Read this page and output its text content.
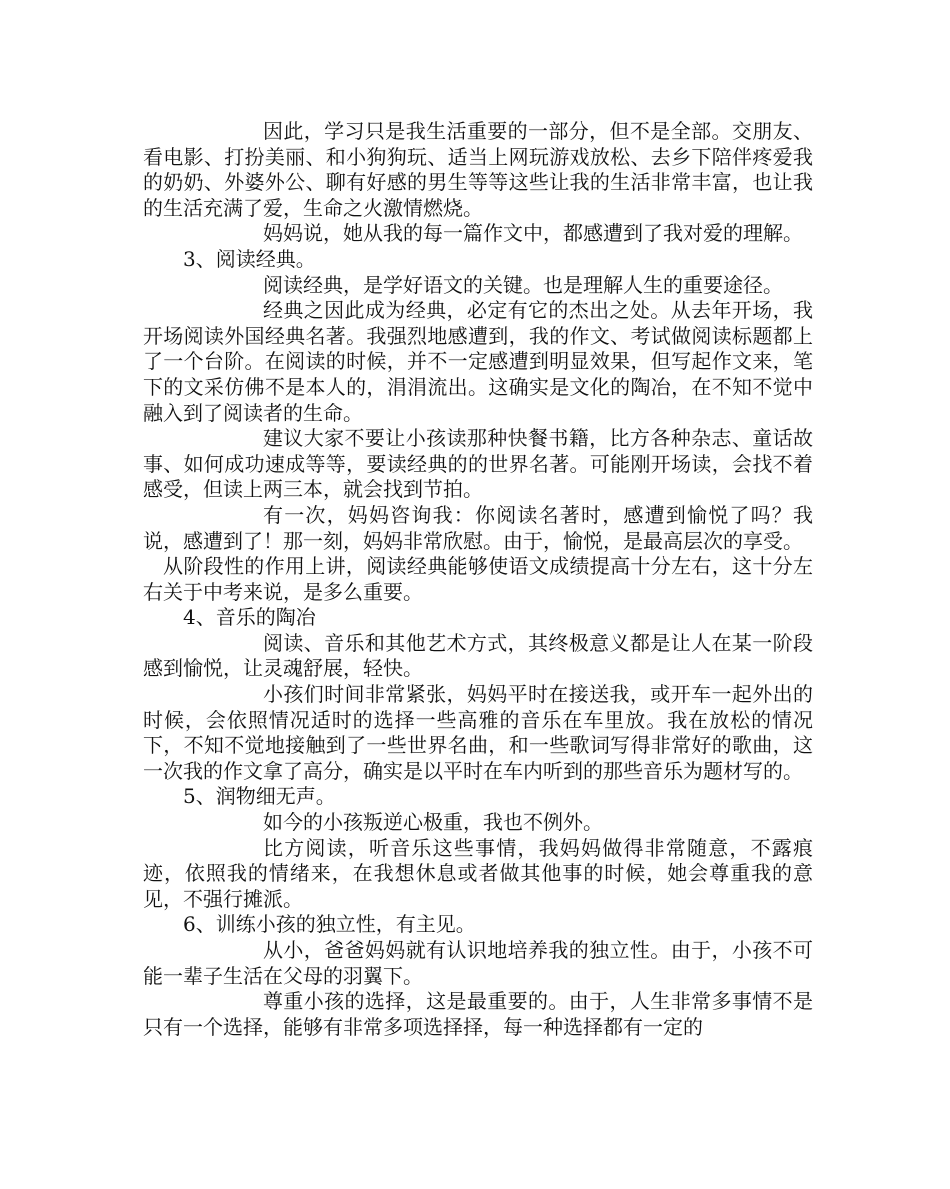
因此，学习只是我生活重要的一部分，但不是全部。交朋友、看电影、打扮美丽、和小狗狗玩、适当上网玩游戏放松、去乡下陪伴疼爱我的奶奶、外婆外公、聊有好感的男生等等这些让我的生活非常丰富，也让我的生活充满了爱，生命之火激情燃烧。

妈妈说，她从我的每一篇作文中，都感遭到了我对爱的理解。

3、阅读经典。

阅读经典，是学好语文的关键。也是理解人生的重要途径。

经典之因此成为经典，必定有它的杰出之处。从去年开场，我开场阅读外国经典名著。我强烈地感遭到，我的作文、考试做阅读标题都上了一个台阶。在阅读的时候，并不一定感遭到明显效果，但写起作文来，笔下的文采仿佛不是本人的，涓涓流出。这确实是文化的陶冶，在不知不觉中融入到了阅读者的生命。

建议大家不要让小孩读那种快餐书籍，比方各种杂志、童话故事、如何成功速成等等，要读经典的的世界名著。可能刚开场读，会找不着感受，但读上两三本，就会找到节拍。

有一次，妈妈咨询我：你阅读名著时，感遭到愉悦了吗？我说，感遭到了！那一刻，妈妈非常欣慰。由于，愉悦，是最高层次的享受。

从阶段性的作用上讲，阅读经典能够使语文成绩提高十分左右，这十分左右关于中考来说，是多么重要。

4、音乐的陶冶

阅读、音乐和其他艺术方式，其终极意义都是让人在某一阶段感到愉悦，让灵魂舒展，轻快。

小孩们时间非常紧张，妈妈平时在接送我，或开车一起外出的时候，会依照情况适时的选择一些高雅的音乐在车里放。我在放松的情况下，不知不觉地接触到了一些世界名曲，和一些歌词写得非常好的歌曲，这一次我的作文拿了高分，确实是以平时在车内听到的那些音乐为题材写的。

5、润物细无声。

如今的小孩叛逆心极重，我也不例外。

比方阅读，听音乐这些事情，我妈妈做得非常随意，不露痕迹，依照我的情绪来，在我想休息或者做其他事的时候，她会尊重我的意见，不强行摊派。

6、训练小孩的独立性，有主见。

从小，爸爸妈妈就有认识地培养我的独立性。由于，小孩不可能一辈子生活在父母的羽翼下。

尊重小孩的选择，这是最重要的。由于，人生非常多事情不是只有一个选择，能够有非常多项选择择，每一种选择都有一定的
